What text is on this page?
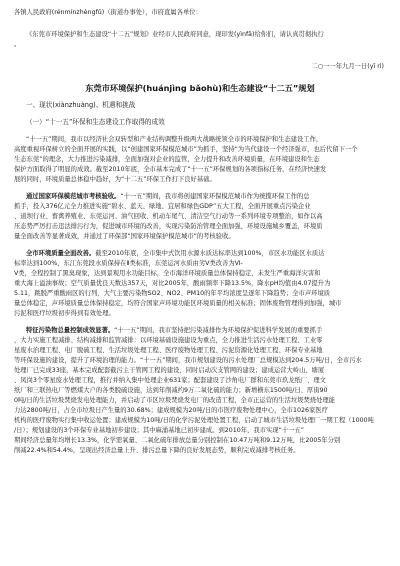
各镇人民政府(rénmínzhèngfǔ)（街道办事处），市府直属各单位：
《东莞市环境保护和生态建设“十二五”规划》业经市人民政府同意，现印发(yìnfā)给你们，请认真贯彻执行
。
二○一一年九月一日(yī rì)
东莞市环境保护(huánjìng bǎohù)和生态建设“十二五”规划
一、现状(xiànzhuàng)、机遇和挑战
（一）“十一五”环保和生态建设工作取得的成效
“十一五”期间，我市以经济社会双转型和产业结构调整升级两大战略统领全市的环境保护和生态建设工作，
高度重视环保树立的全面开展的实践，以“创建国家环保模范城市”为抓手，坚持“为当代建设一个经济强市，也后代留下一个
生态东莞”的理念，大力推进污染减排，全面加强对企业的监管，全力提升和改善环境质量，在环境建设和生态
保护方面取得了明显的成效。截至2010年底，全市基本完成了“十一五”环保规划的各项指标任务，在经济快速发
展的同时，环境质量总体稳中趋好，为“十二五”环保工作打下良好基础。
通过国家环保模范城市考核验收。“十一五”期间，我市将创建国家环保模范城市作为统揽环保工作的总
抓手，投入376亿元全力推进实施“碧水、蓝天、绿地、宜居和绿色GDP”五大工程，全面开展重点污染企业
、道坝行业、畜禽养殖业、东莞运河、油气回收、机动车尾气、清洁空气行动等一系列环境专项整治，如作以高
压态势严厉打击违法排污行为，促进城市环境的改善，实现污染防治管理全面加强，环境设施城乡覆盖，环境质
量全面改善等显著成效，并通过了环保部“国家环境保护模范城市”的考核验收。
全市环境质量全面改善。截至2010年底，全市集中式饮用水源水质达标率达到100%，市区水功能区水质达
标率达到100%，东江东莞段水质保持在Ⅱ类标准，东莞运河水质由劣Ⅴ类改善为Ⅵ-
Ⅴ类，全程控制了黑臭现象，达到景观用水功能目标，全市海洋环境质量总体保持稳定，未发生严重海洋灾害和
重大海上溢油事故；空气质量优良天数达357天，对比2005年，酸雨频率下降13.5%，降水pH均值由4.07提升为
5.11，跳脱严重酸雨区的行列，大气主要污染物SO2、NO2、PM10的年平均浓度呈逐年下降趋势；全市声环境质
量总体稳定，声环境质量总体保持稳定，均符合国家声环境功能区环境质量的相关标准；固体废物管理得到加强，城市
污泥和医疗垃圾初步得到有效处理。
特征污染物总量控制成效显著。“十一五”期间，我市坚持把污染减排作为环境保护促进科学发展的重要抓手
，大力实施工程减排、结构减排和监管减排：以环境基础设施建设为重点，全力推进生活污水处理工程、工业零
星废水治理工程、电厂脱硫工程、生活垃圾处理工程、医疗废物处理工程、污泥资源化处理工程、环保专业基地
等环保设施的建设，提升了环境治理的能力。“十一五”期间，我市规划建设的污水处理厂总规模达到204.5万吨/日，全市污水
处理厂已完成33座，基本完成配套截污主干管网工程的建设，同时启动次支管网的建设；建成运营大岭山、塘厦
、凤岗3个零星废水处理工程，推行并纳入集中处理企业631家；配套建设了沙角电厂群和东莞市玖龙纸厂、理文
纸厂和三联热电厂等燃煤大户的各类脱硫设施，达到年削减约9万二氧化硫的能力；新增横东1500吨/日、厚街90
0吨/日的生活垃圾焚烧发电处理能力，并启动了市区垃圾焚烧发电厂的改造工程，全市正运营的生活垃圾焚烧处理能
力达2800吨/日，占全市垃圾日产生量的30.68%；建成规模为20吨/日的市医疗废物处理中心，全市1026家医疗
机构的医疗废物实行集中收运处置；建成规模为10吨/日的化学污泥处理处置工程，启动了城市生活垃圾处理厂一期工程（1000吨
/日）；规划建设的3个环保专业基地初步建设；其中麻涌基地已初步建成。到2010年，我市实现“十一五”
期间经济总量年均增长13.3%，化学需氧量、二氧化硫年排放总量分别控制在10.47万吨和9.12万吨，比2005年分别
削减22.4%和54.4%，呈现出经济总量上升、排污总量下降的良好发展态势，顺利完成减排考核任务。
